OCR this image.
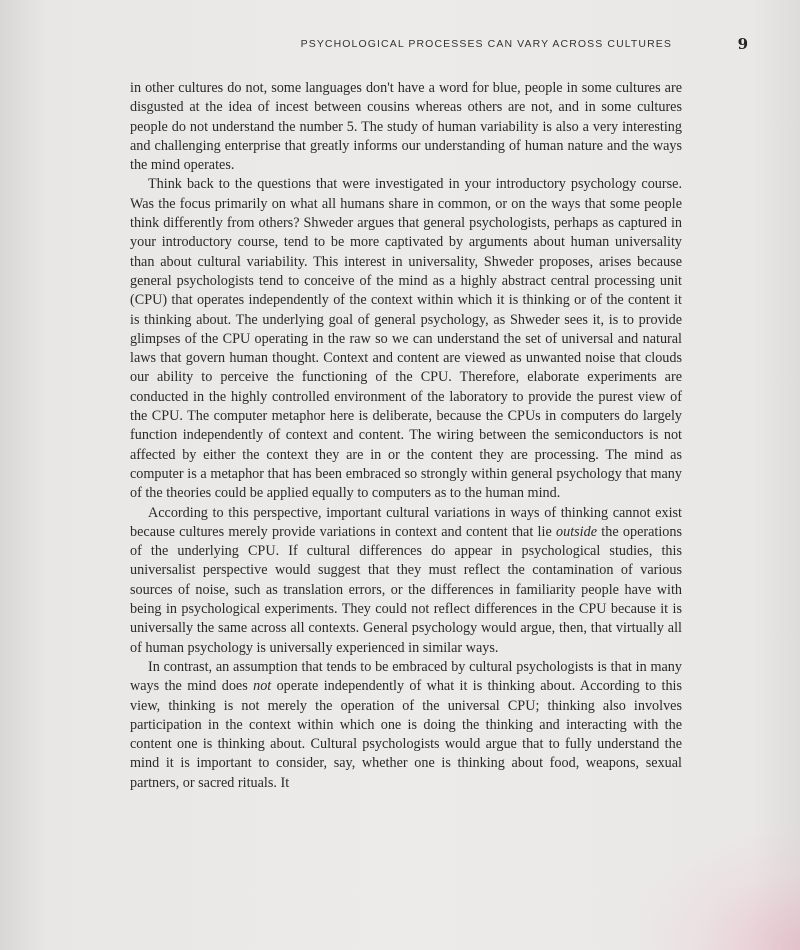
PSYCHOLOGICAL PROCESSES CAN VARY ACROSS CULTURES	9

in other cultures do not, some languages don't have a word for blue, people in some cultures are disgusted at the idea of incest between cousins whereas others are not, and in some cultures people do not understand the number 5. The study of human variability is also a very interesting and challenging enterprise that greatly informs our understanding of human nature and the ways the mind operates.

Think back to the questions that were investigated in your introductory psychology course. Was the focus primarily on what all humans share in common, or on the ways that some people think differently from others? Shweder argues that general psychologists, perhaps as captured in your introductory course, tend to be more captivated by arguments about human universality than about cultural variability. This interest in universality, Shweder proposes, arises because general psychologists tend to conceive of the mind as a highly abstract central processing unit (CPU) that operates independently of the context within which it is thinking or of the content it is thinking about. The underlying goal of general psychology, as Shweder sees it, is to provide glimpses of the CPU operating in the raw so we can understand the set of universal and natural laws that govern human thought. Context and content are viewed as unwanted noise that clouds our ability to perceive the functioning of the CPU. Therefore, elaborate experiments are conducted in the highly controlled environment of the laboratory to provide the purest view of the CPU. The computer metaphor here is deliberate, because the CPUs in computers do largely function independently of context and content. The wiring between the semiconductors is not affected by either the context they are in or the content they are processing. The mind as computer is a metaphor that has been embraced so strongly within general psychology that many of the theories could be applied equally to computers as to the human mind.

According to this perspective, important cultural variations in ways of thinking cannot exist because cultures merely provide variations in context and content that lie outside the operations of the underlying CPU. If cultural differences do appear in psychological studies, this universalist perspective would suggest that they must reflect the contamination of various sources of noise, such as translation errors, or the differences in familiarity people have with being in psychological experiments. They could not reflect differences in the CPU because it is universally the same across all contexts. General psychology would argue, then, that virtually all of human psychology is universally experienced in similar ways.

In contrast, an assumption that tends to be embraced by cultural psychologists is that in many ways the mind does not operate independently of what it is thinking about. According to this view, thinking is not merely the operation of the universal CPU; thinking also involves participation in the context within which one is doing the thinking and interacting with the content one is thinking about. Cultural psychologists would argue that to fully understand the mind it is important to consider, say, whether one is thinking about food, weapons, sexual partners, or sacred rituals. It
